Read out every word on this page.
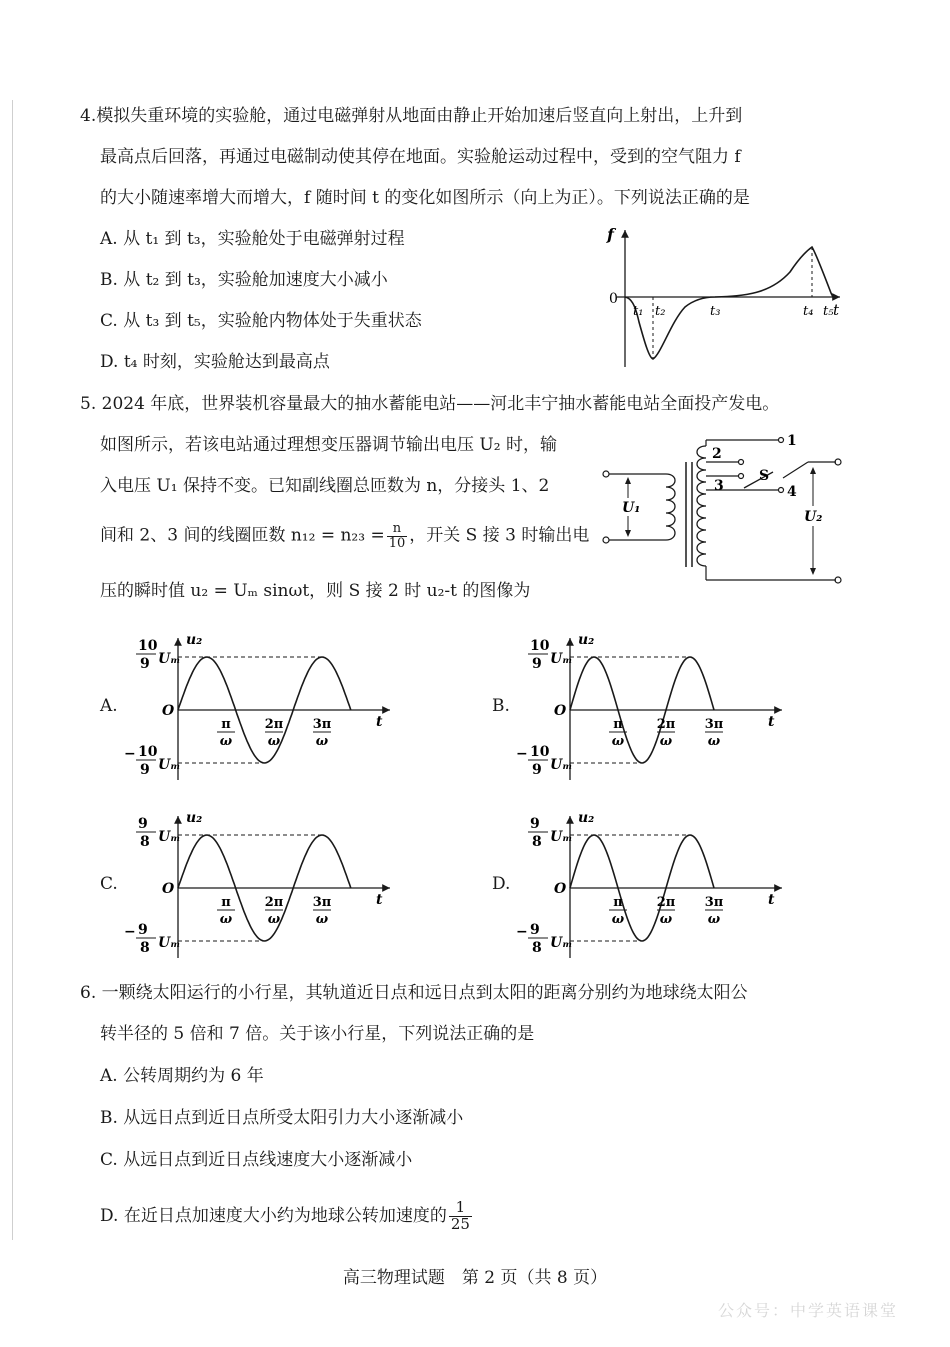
4.模拟失重环境的实验舱，通过电磁弹射从地面由静止开始加速后竖直向上射出，上升到
最高点后回落，再通过电磁制动使其停在地面。实验舱运动过程中，受到的空气阻力 f
的大小随速率增大而增大，f 随时间 t 的变化如图所示（向上为正）。下列说法正确的是
A. 从 t₁ 到 t₃，实验舱处于电磁弹射过程
B. 从 t₂ 到 t₃，实验舱加速度大小减小
C. 从 t₃ 到 t₅，实验舱内物体处于失重状态
D. t₄ 时刻，实验舱达到最高点
f
0
t
t₁ t₂	t₃	t₄ t₅
5. 2024 年底，世界装机容量最大的抽水蓄能电站——河北丰宁抽水蓄能电站全面投产发电。
如图所示，若该电站通过理想变压器调节输出电压 U₂ 时，输
入电压 U₁ 保持不变。已知副线圈总匝数为 n，分接头 1、2
间和 2、3 间的线圈匝数 $n_{12} = n_{23} = \frac{n}{10}$ ，开关 S 接 3 时输出电
压的瞬时值 u₂ = Uₘ sinωt，则 S 接 2 时 u₂-t 的图像为
U₁
1
2
3	4
S
U₂
A.	B.
C.	D.
u₂
O
t
10
9 Uₘ
− 10
9 Uₘ
π
ω
2π
ω
3π
ω
u₂
O
t
10
9 Uₘ
− 10
9 Uₘ
π
ω
2π
ω
3π
ω
u₂
O
t
9
8 Uₘ
− 9
8 Uₘ
π
ω
2π
ω
3π
ω
u₂
O
t
9
8 Uₘ
− 9
8 Uₘ
π
ω
2π
ω
3π
ω
6. 一颗绕太阳运行的小行星，其轨道近日点和远日点到太阳的距离分别约为地球绕太阳公
转半径的 5 倍和 7 倍。关于该小行星，下列说法正确的是
A. 公转周期约为 6 年
B. 从远日点到近日点所受太阳引力大小逐渐减小
C. 从远日点到近日点线速度大小逐渐减小
D. 在近日点加速度大小约为地球公转加速度的 $\frac{1}{25}$
高三物理试题　第 2 页（共 8 页）
公众号：中学英语课堂
